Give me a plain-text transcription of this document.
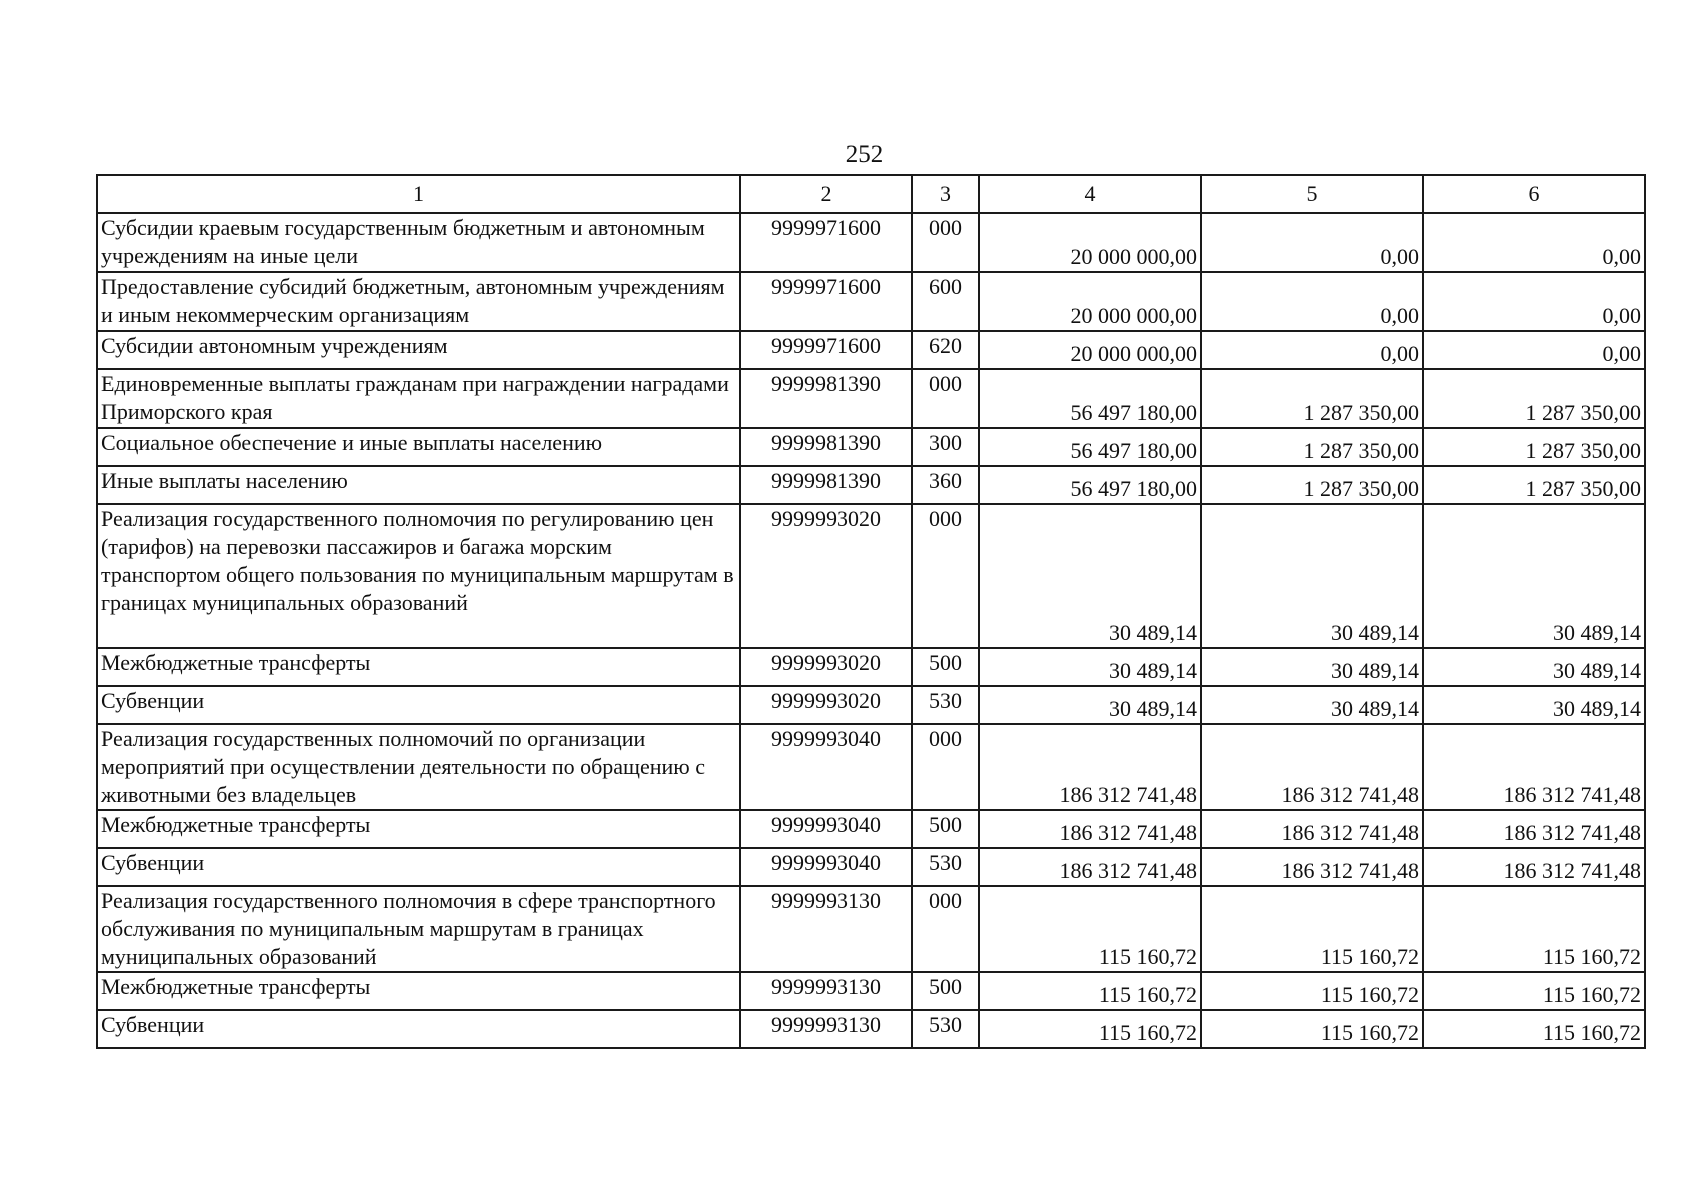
252
1	2	3	4	5	6
Субсидии краевым государственным бюджетным и автономным учреждениям на иные цели	9999971600	000	20 000 000,00	0,00	0,00
Предоставление субсидий бюджетным, автономным учреждениям и иным некоммерческим организациям	9999971600	600	20 000 000,00	0,00	0,00
Субсидии автономным учреждениям	9999971600	620	20 000 000,00	0,00	0,00
Единовременные выплаты гражданам при награждении наградами Приморского края	9999981390	000	56 497 180,00	1 287 350,00	1 287 350,00
Социальное обеспечение и иные выплаты населению	9999981390	300	56 497 180,00	1 287 350,00	1 287 350,00
Иные выплаты населению	9999981390	360	56 497 180,00	1 287 350,00	1 287 350,00
Реализация государственного полномочия по регулированию цен (тарифов) на перевозки пассажиров и багажа морским транспортом общего пользования по муниципальным маршрутам в границах муниципальных образований	9999993020	000	30 489,14	30 489,14	30 489,14
Межбюджетные трансферты	9999993020	500	30 489,14	30 489,14	30 489,14
Субвенции	9999993020	530	30 489,14	30 489,14	30 489,14
Реализация государственных полномочий по организации мероприятий при осуществлении деятельности по обращению с животными без владельцев	9999993040	000	186 312 741,48	186 312 741,48	186 312 741,48
Межбюджетные трансферты	9999993040	500	186 312 741,48	186 312 741,48	186 312 741,48
Субвенции	9999993040	530	186 312 741,48	186 312 741,48	186 312 741,48
Реализация государственного полномочия в сфере транспортного обслуживания по муниципальным маршрутам в границах муниципальных образований	9999993130	000	115 160,72	115 160,72	115 160,72
Межбюджетные трансферты	9999993130	500	115 160,72	115 160,72	115 160,72
Субвенции	9999993130	530	115 160,72	115 160,72	115 160,72
